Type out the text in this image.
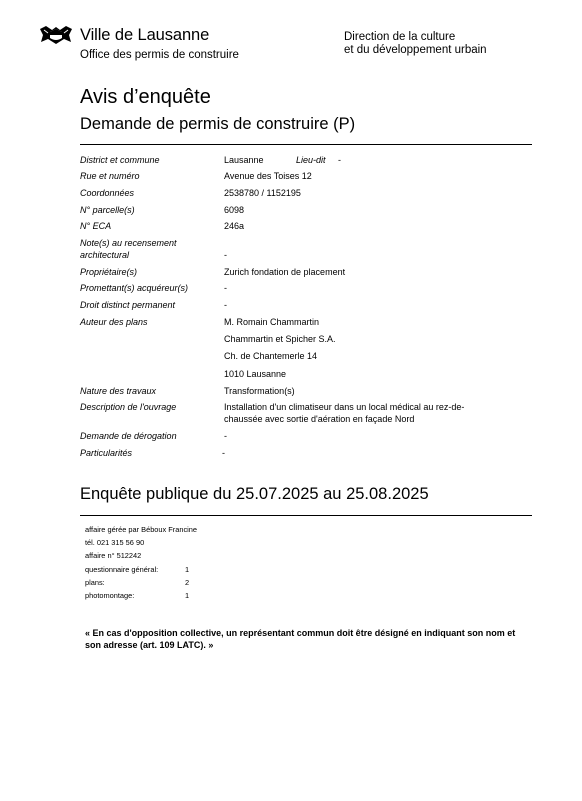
Ville de Lausanne
Office des permis de construire
Direction de la culture
et du développement urbain
Avis d’enquête
Demande de permis de construire (P)
District et commune	Lausanne	Lieu-dit -
Rue et numéro	Avenue des Toises 12
Coordonnées	2538780 / 1152195
N° parcelle(s)	6098
N° ECA	246a
Note(s) au recensement
architectural	-
Propriétaire(s)	Zurich fondation de placement
Promettant(s) acquéreur(s)	-
Droit distinct permanent	-
Auteur des plans	M. Romain Chammartin
Chammartin et Spicher S.A.
Ch. de Chantemerle 14
1010 Lausanne
Nature des travaux	Transformation(s)
Description de l'ouvrage	Installation d'un climatiseur dans un local médical au rez-de-
chaussée avec sortie d'aération en façade Nord
Demande de dérogation	-
Particularités	-
Enquête publique du 25.07.2025 au 25.08.2025
affaire gérée par Béboux Francine
tél. 021 315 56 90
affaire n° 512242
questionnaire général:	1
plans:	2
photomontage:	1
« En cas d'opposition collective, un représentant commun doit être désigné en indiquant son nom et son adresse (art. 109 LATC). »
